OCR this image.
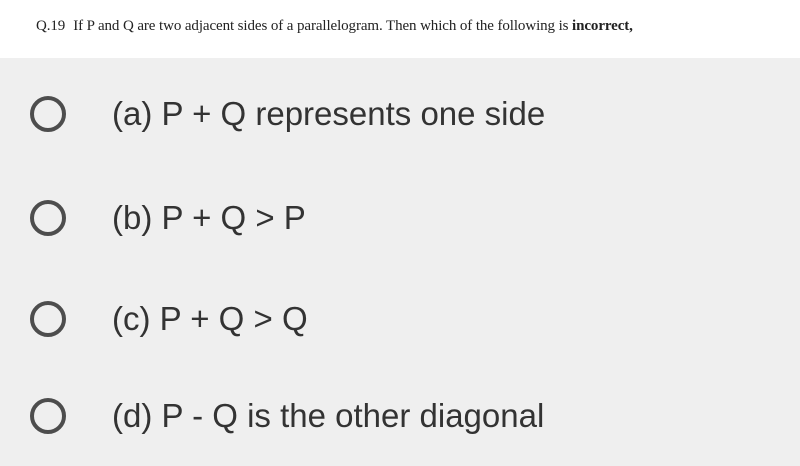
Q.19 If P and Q are two adjacent sides of a parallelogram. Then which of the following is incorrect,
(a) P + Q represents one side
(b) P + Q > P
(c) P + Q > Q
(d) P - Q is the other diagonal
